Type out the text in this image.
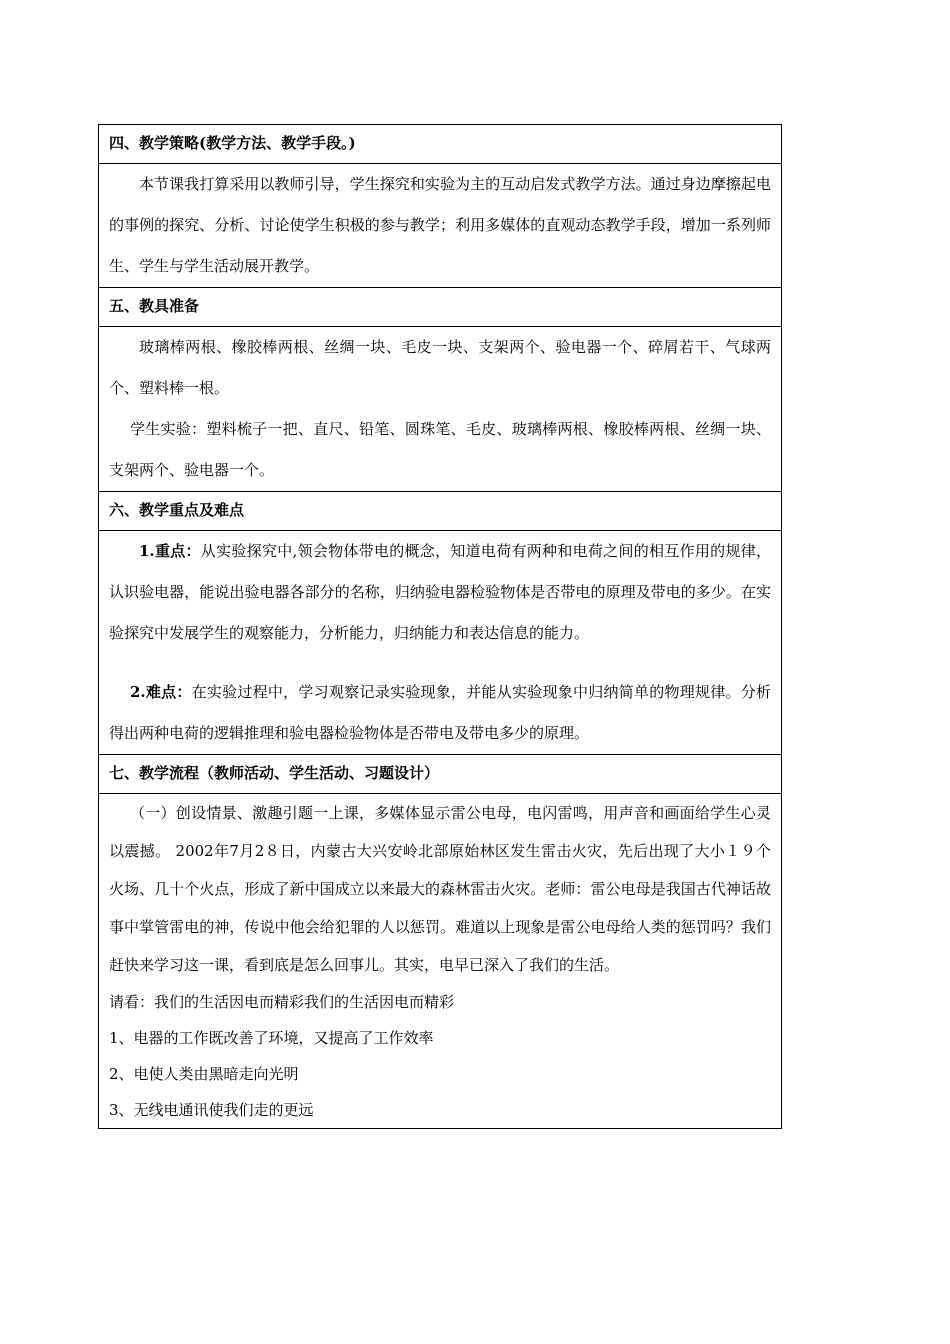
四、教学策略(教学方法、教学手段。)

本节课我打算采用以教师引导，学生探究和实验为主的互动启发式教学方法。通过身边摩擦起电的事例的探究、分析、讨论使学生积极的参与教学；利用多媒体的直观动态教学手段，增加一系列师生、学生与学生活动展开教学。

五、教具准备

玻璃棒两根、橡胶棒两根、丝绸一块、毛皮一块、支架两个、验电器一个、碎屑若干、气球两个、塑料棒一根。

学生实验：塑料梳子一把、直尺、铅笔、圆珠笔、毛皮、玻璃棒两根、橡胶棒两根、丝绸一块、支架两个、验电器一个。

六、教学重点及难点

1.重点：从实验探究中,领会物体带电的概念，知道电荷有两种和电荷之间的相互作用的规律，认识验电器，能说出验电器各部分的名称，归纳验电器检验物体是否带电的原理及带电的多少。在实验探究中发展学生的观察能力，分析能力，归纳能力和表达信息的能力。

2.难点：在实验过程中，学习观察记录实验现象，并能从实验现象中归纳简单的物理规律。分析得出两种电荷的逻辑推理和验电器检验物体是否带电及带电多少的原理。

七、教学流程（教师活动、学生活动、习题设计）

（一）创设情景、激趣引题一上课，多媒体显示雷公电母，电闪雷鸣，用声音和画面给学生心灵以震撼。 2002年7月2８日，内蒙古大兴安岭北部原始林区发生雷击火灾，先后出现了大小１９个火场、几十个火点，形成了新中国成立以来最大的森林雷击火灾。老师：雷公电母是我国古代神话故事中掌管雷电的神，传说中他会给犯罪的人以惩罚。难道以上现象是雷公电母给人类的惩罚吗？我们赶快来学习这一课，看到底是怎么回事儿。其实，电早已深入了我们的生活。

请看：我们的生活因电而精彩我们的生活因电而精彩

1、电器的工作既改善了环境，又提高了工作效率

2、电使人类由黑暗走向光明

3、无线电通讯使我们走的更远
